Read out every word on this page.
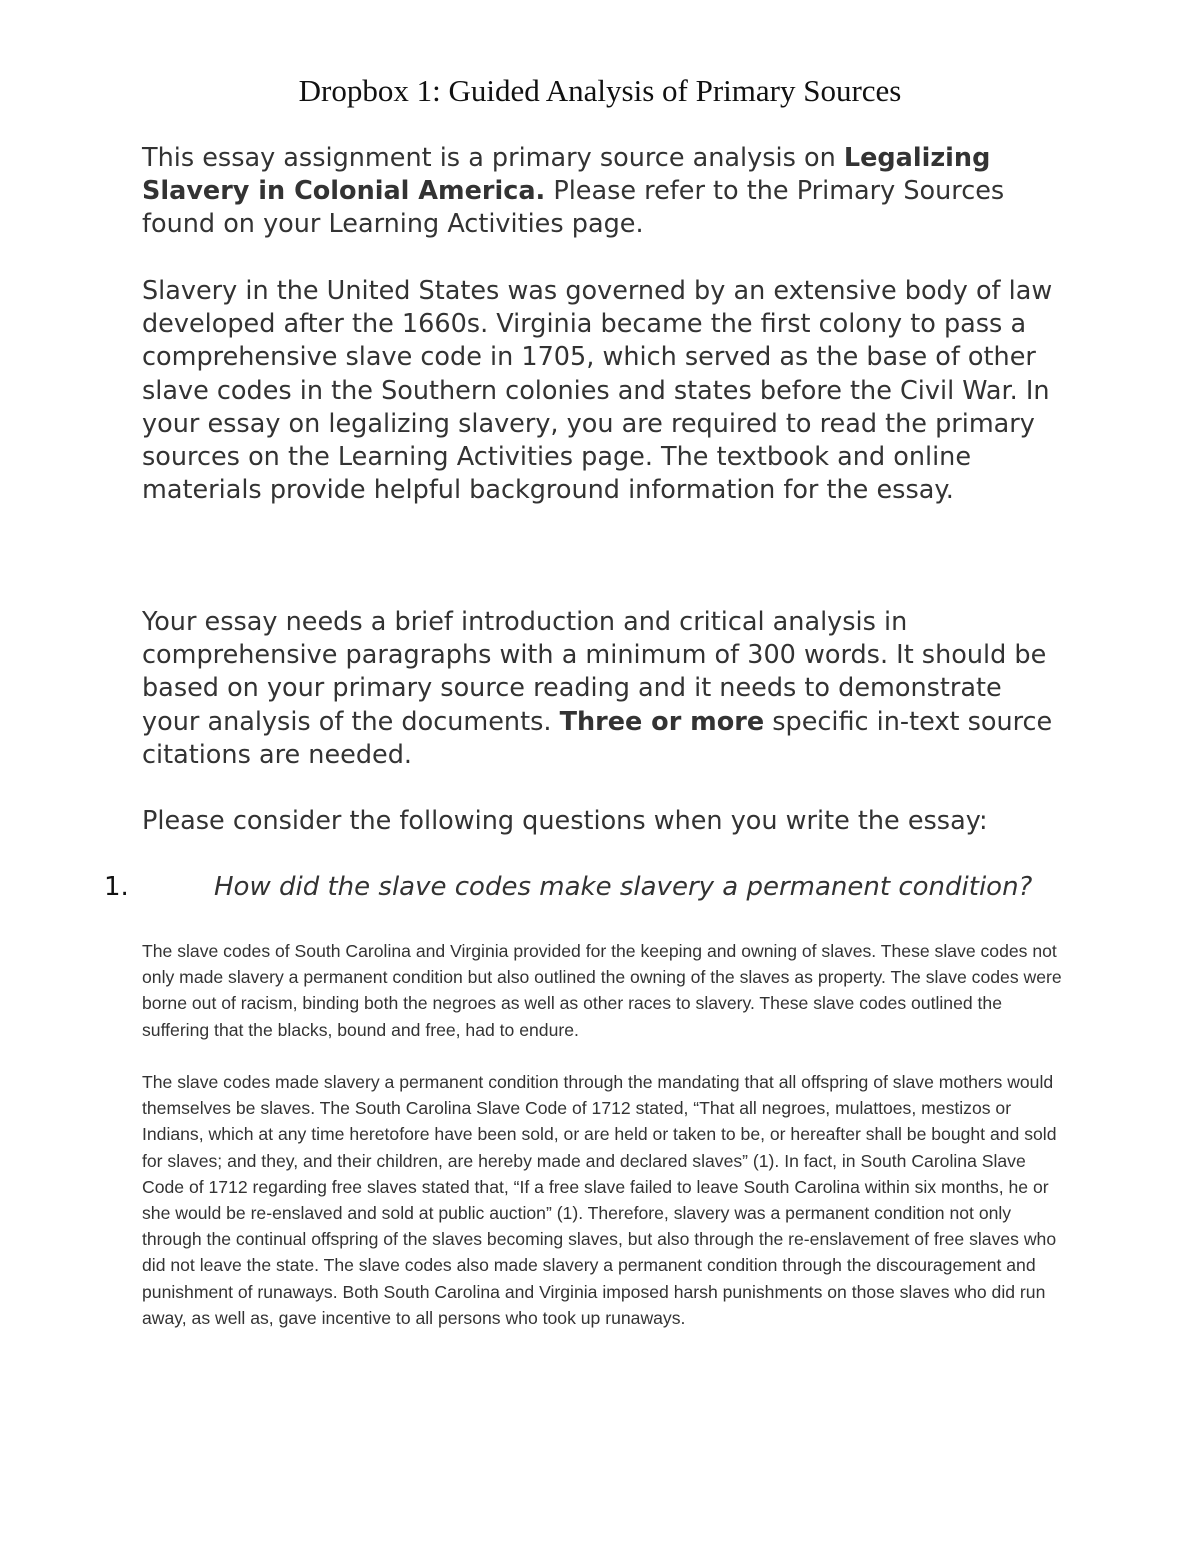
Dropbox 1: Guided Analysis of Primary Sources

This essay assignment is a primary source analysis on Legalizing Slavery in Colonial America. Please refer to the Primary Sources found on your Learning Activities page.

Slavery in the United States was governed by an extensive body of law developed after the 1660s. Virginia became the first colony to pass a comprehensive slave code in 1705, which served as the base of other slave codes in the Southern colonies and states before the Civil War. In your essay on legalizing slavery, you are required to read the primary sources on the Learning Activities page. The textbook and online materials provide helpful background information for the essay.

Your essay needs a brief introduction and critical analysis in comprehensive paragraphs with a minimum of 300 words. It should be based on your primary source reading and it needs to demonstrate your analysis of the documents. Three or more specific in-text source citations are needed.

Please consider the following questions when you write the essay:

1.	How did the slave codes make slavery a permanent condition?

The slave codes of South Carolina and Virginia provided for the keeping and owning of slaves. These slave codes not only made slavery a permanent condition but also outlined the owning of the slaves as property. The slave codes were borne out of racism, binding both the negroes as well as other races to slavery. These slave codes outlined the suffering that the blacks, bound and free, had to endure.

The slave codes made slavery a permanent condition through the mandating that all offspring of slave mothers would themselves be slaves. The South Carolina Slave Code of 1712 stated, “That all negroes, mulattoes, mestizos or Indians, which at any time heretofore have been sold, or are held or taken to be, or hereafter shall be bought and sold for slaves; and they, and their children, are hereby made and declared slaves” (1). In fact, in South Carolina Slave Code of 1712 regarding free slaves stated that, “If a free slave failed to leave South Carolina within six months, he or she would be re-enslaved and sold at public auction” (1). Therefore, slavery was a permanent condition not only through the continual offspring of the slaves becoming slaves, but also through the re-enslavement of free slaves who did not leave the state. The slave codes also made slavery a permanent condition through the discouragement and punishment of runaways. Both South Carolina and Virginia imposed harsh punishments on those slaves who did run away, as well as, gave incentive to all persons who took up runaways.
